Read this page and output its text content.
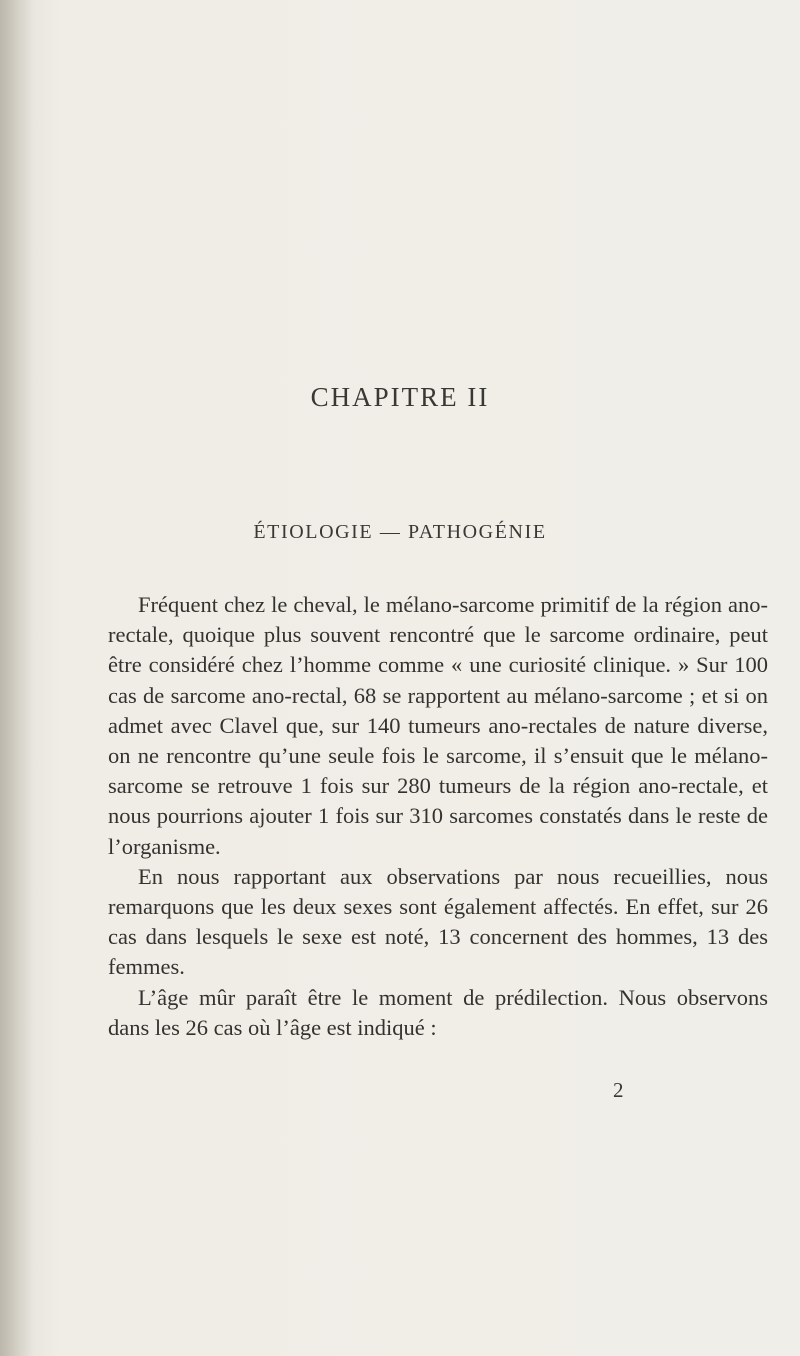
CHAPITRE II
ÉTIOLOGIE — PATHOGÉNIE

Fréquent chez le cheval, le mélano-sarcome primitif de la région ano-rectale, quoique plus souvent rencontré que le sarcome ordinaire, peut être considéré chez l’homme comme « une curiosité clinique. » Sur 100 cas de sarcome ano-rectal, 68 se rapportent au mélano-sarcome ; et si on admet avec Clavel que, sur 140 tumeurs ano-rectales de nature diverse, on ne rencontre qu’une seule fois le sarcome, il s’ensuit que le mélano-sarcome se retrouve 1 fois sur 280 tumeurs de la région ano-rectale, et nous pourrions ajouter 1 fois sur 310 sarcomes constatés dans le reste de l’organisme.

En nous rapportant aux observations par nous recueillies, nous remarquons que les deux sexes sont également affectés. En effet, sur 26 cas dans lesquels le sexe est noté, 13 concernent des hommes, 13 des femmes.

L’âge mûr paraît être le moment de prédilection. Nous observons dans les 26 cas où l’âge est indiqué :

2
